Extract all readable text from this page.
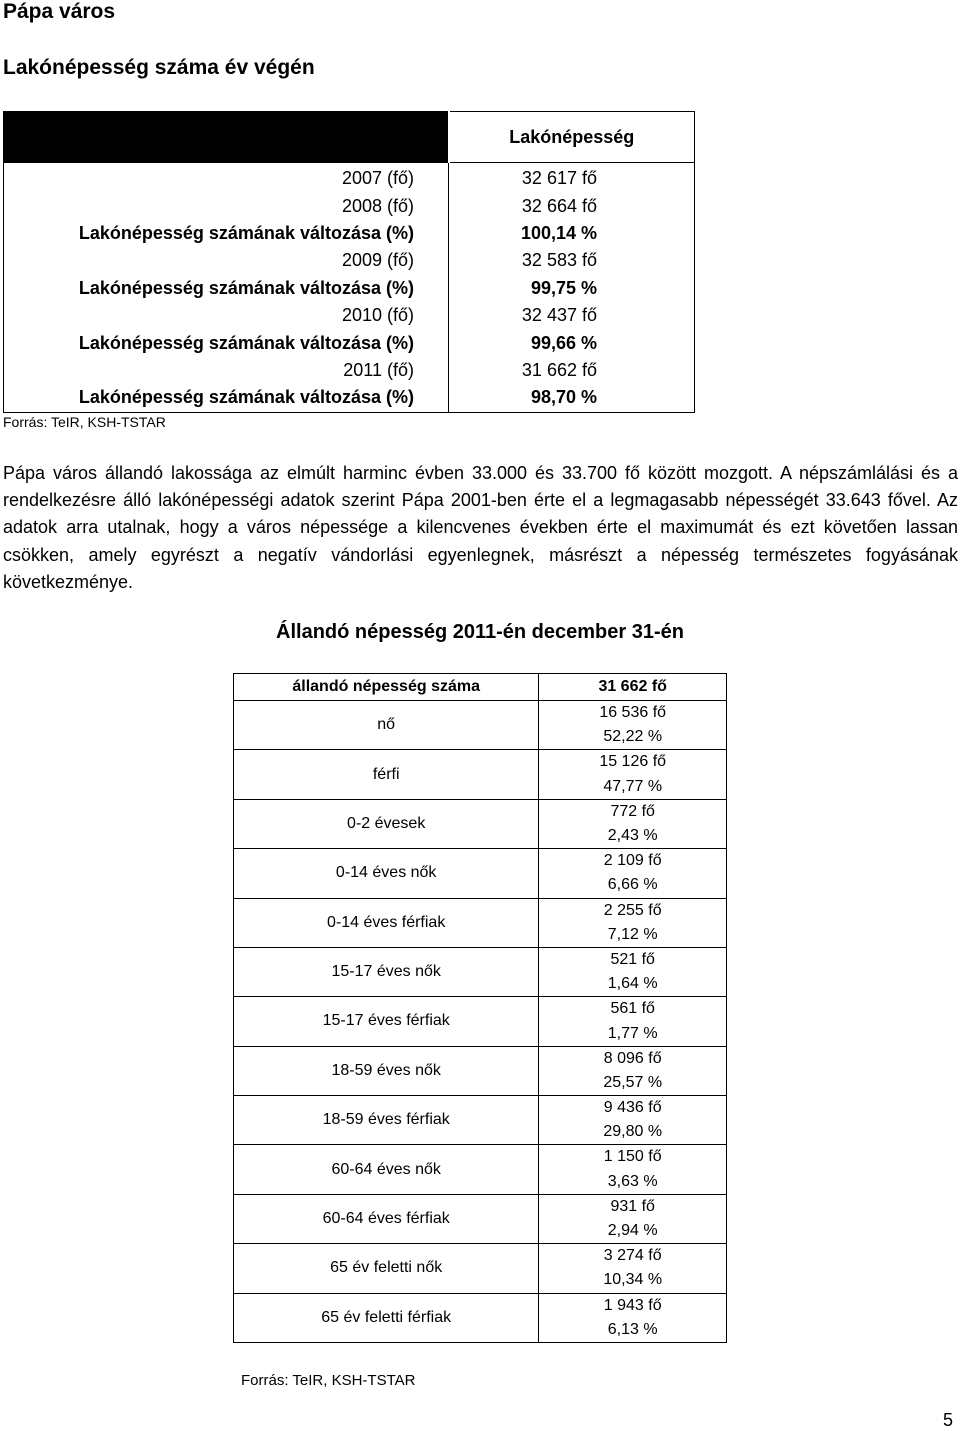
Pápa város
Lakónépesség száma év végén
	Lakónépesség
2007 (fő)	32 617 fő
2008 (fő)	32 664 fő
Lakónépesség számának változása (%)	100,14 %
2009 (fő)	32 583 fő
Lakónépesség számának változása (%)	99,75 %
2010 (fő)	32 437 fő
Lakónépesség számának változása (%)	99,66 %
2011 (fő)	31 662 fő
Lakónépesség számának változása (%)	98,70 %
Forrás: TeIR, KSH-TSTAR
Pápa város állandó lakossága az elmúlt harminc évben 33.000 és 33.700 fő között mozgott. A népszámlálási és a rendelkezésre álló lakónépességi adatok szerint Pápa 2001-ben érte el a legmagasabb népességét 33.643 fővel. Az adatok arra utalnak, hogy a város népessége a kilencvenes években érte el maximumát és ezt követően lassan csökken, amely egyrészt a negatív vándorlási egyenlegnek, másrészt a népesség természetes fogyásának következménye.
Állandó népesség 2011-én december 31-én
állandó népesség száma	31 662 fő
nő	16 536 fő
	52,22 %
férfi	15 126 fő
	47,77 %
0-2 évesek	772 fő
	2,43 %
0-14 éves nők	2 109 fő
	6,66 %
0-14 éves férfiak	2 255 fő
	7,12 %
15-17 éves nők	521 fő
	1,64 %
15-17 éves férfiak	561 fő
	1,77 %
18-59 éves nők	8 096 fő
	25,57 %
18-59 éves férfiak	9 436 fő
	29,80 %
60-64 éves nők	1 150 fő
	3,63 %
60-64 éves férfiak	931 fő
	2,94 %
65 év feletti nők	3 274 fő
	10,34 %
65 év feletti férfiak	1 943 fő
	6,13 %
Forrás: TeIR, KSH-TSTAR
5
